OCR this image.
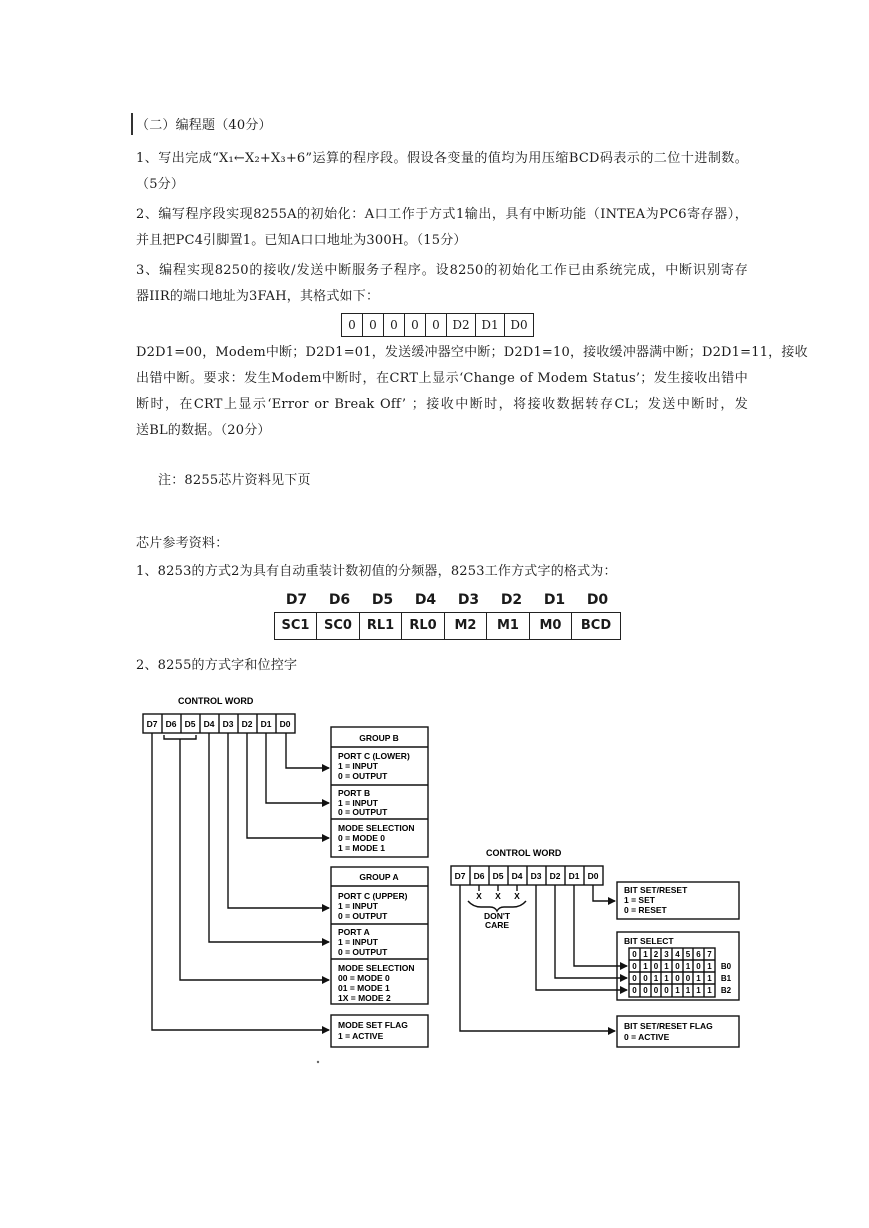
（二）编程题（40分）
1、写出完成“X₁←X₂+X₃+6”运算的程序段。假设各变量的值均为用压缩BCD码表示的二位十进制数。
（5分）
2、编写程序段实现8255A的初始化：A口工作于方式1输出，具有中断功能（INTEA为PC6寄存器），
并且把PC4引脚置1。已知A口口地址为300H。（15分）
3、编程实现8250的接收/发送中断服务子程序。设8250的初始化工作已由系统完成，中断识别寄存
器IIR的端口地址为3FAH，其格式如下：
0	0	0	0	0	D2 D1 D0
D2D1=00，Modem中断；D2D1=01，发送缓冲器空中断；D2D1=10，接收缓冲器满中断；D2D1=11，接收
出错中断。要求：发生Modem中断时，在CRT上显示‘Change of Modem Status’；发生接收出错中
断时，在CRT上显示‘Error or Break Off’ ；接收中断时，将接收数据转存CL；发送中断时，发
送BL的数据。（20分）
注：8255芯片资料见下页
芯片参考资料：
1、8253的方式2为具有自动重装计数初值的分频器，8253工作方式字的格式为：
D7	D6	D5	D4	D3	D2	D1	D0
SC1	SC0	RL1	RL0	M2	M1	M0	BCD
2、8255的方式字和位控字
CONTROL WORD
D7 D6 D5 D4 D3 D2 D1 D0
GROUP B
PORT C (LOWER)
1 = INPUT
0 = OUTPUT
PORT B
1 = INPUT
0 = OUTPUT
MODE SELECTION
0 = MODE 0
1 = MODE 1
GROUP A
PORT C (UPPER)
1 = INPUT
0 = OUTPUT
PORT A
1 = INPUT
0 = OUTPUT
MODE SELECTION
00 = MODE 0
01 = MODE 1
1X = MODE 2
MODE SET FLAG
1 = ACTIVE
CONTROL WORD
D7 D6 D5 D4 D3 D2 D1 D0
X X X
DON'T
CARE
BIT SET/RESET
1 = SET
0 = RESET
BIT SELECT
BIT SET/RESET FLAG
0 = ACTIVE
0 1 2 3 4 5 6 7
0 1 0 1 0 1 0 1 B0
0 0 1 1 0 0 1 1 B1
0 0 0 0 1 1 1 1 B2
